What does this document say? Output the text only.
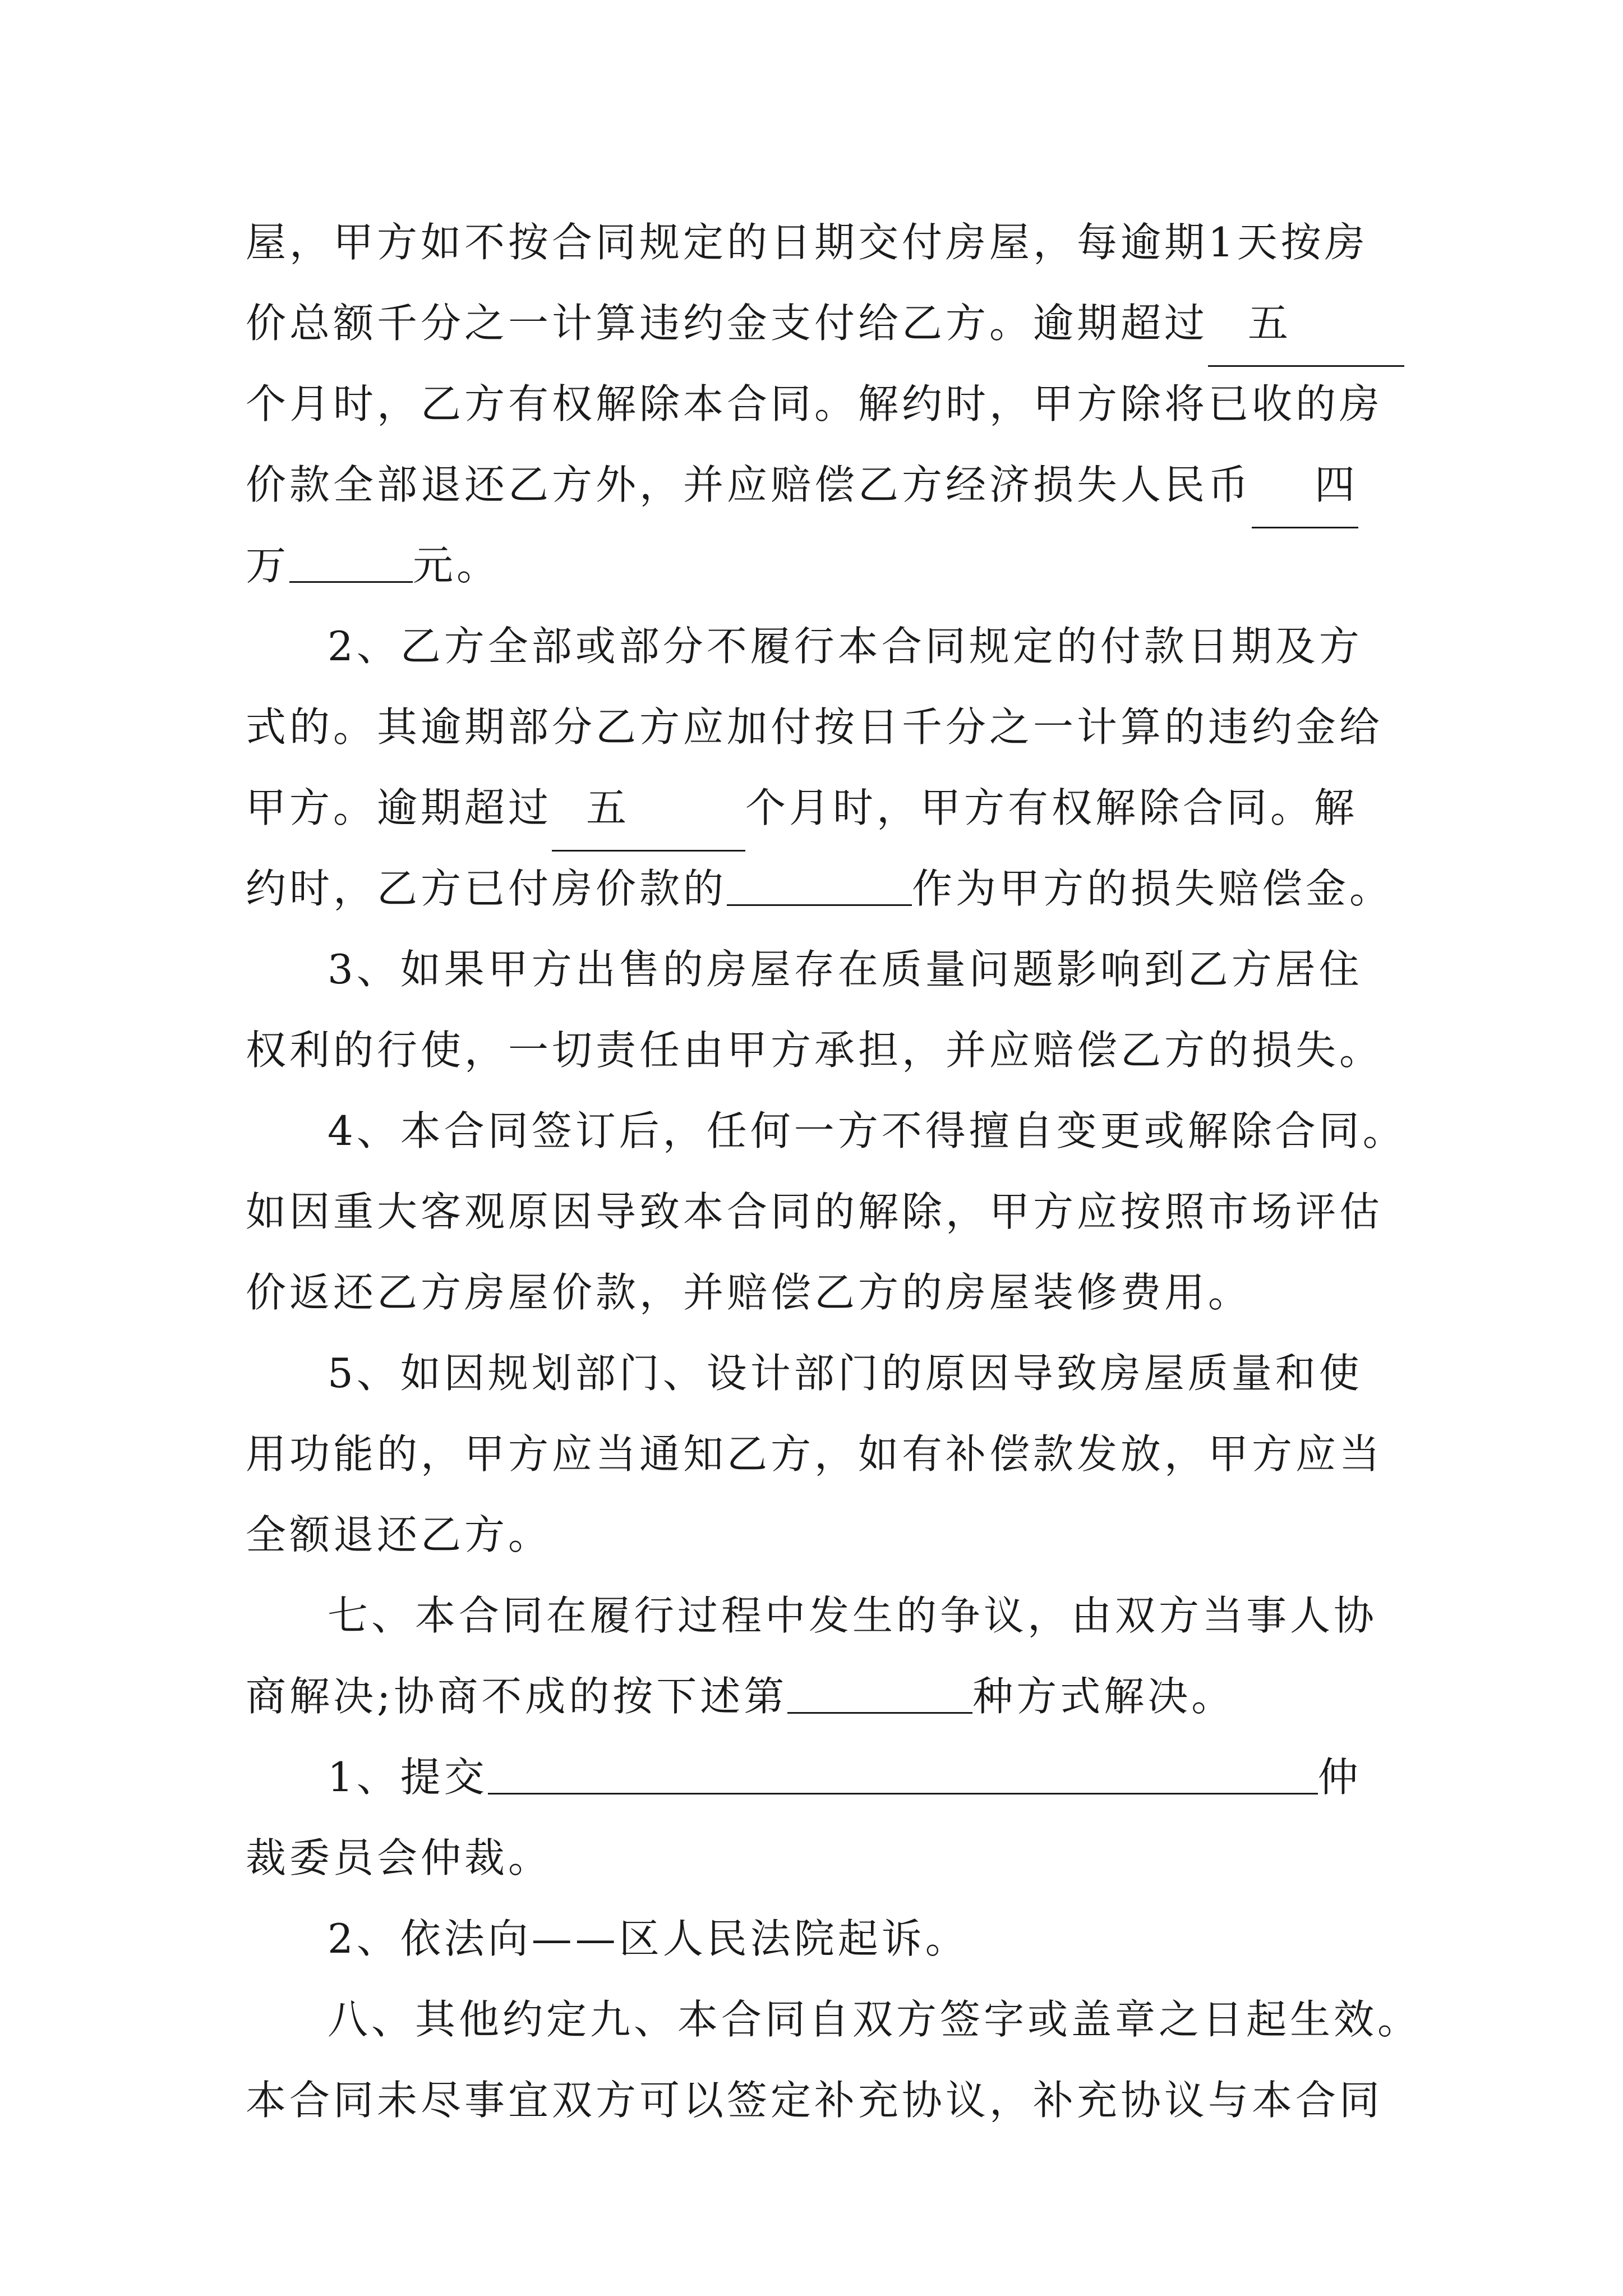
屋，甲方如不按合同规定的日期交付房屋，每逾期1天按房
价总额千分之一计算违约金支付给乙方。逾期超过 五
个月时，乙方有权解除本合同。解约时，甲方除将已收的房
价款全部退还乙方外，并应赔偿乙方经济损失人民币 四
万	元。
2、乙方全部或部分不履行本合同规定的付款日期及方
式的。其逾期部分乙方应加付按日千分之一计算的违约金给
甲方。逾期超过 五	个月时，甲方有权解除合同。解
约时，乙方已付房价款的	作为甲方的损失赔偿金。
3、如果甲方出售的房屋存在质量问题影响到乙方居住
权利的行使，一切责任由甲方承担，并应赔偿乙方的损失。
4、本合同签订后，任何一方不得擅自变更或解除合同。
如因重大客观原因导致本合同的解除，甲方应按照市场评估
价返还乙方房屋价款，并赔偿乙方的房屋装修费用。
5、如因规划部门、设计部门的原因导致房屋质量和使
用功能的，甲方应当通知乙方，如有补偿款发放，甲方应当
全额退还乙方。
七、本合同在履行过程中发生的争议，由双方当事人协
商解决;协商不成的按下述第	种方式解决。
1、提交	仲
裁委员会仲裁。
2、依法向——区人民法院起诉。
八、其他约定九、本合同自双方签字或盖章之日起生效。
本合同未尽事宜双方可以签定补充协议，补充协议与本合同
